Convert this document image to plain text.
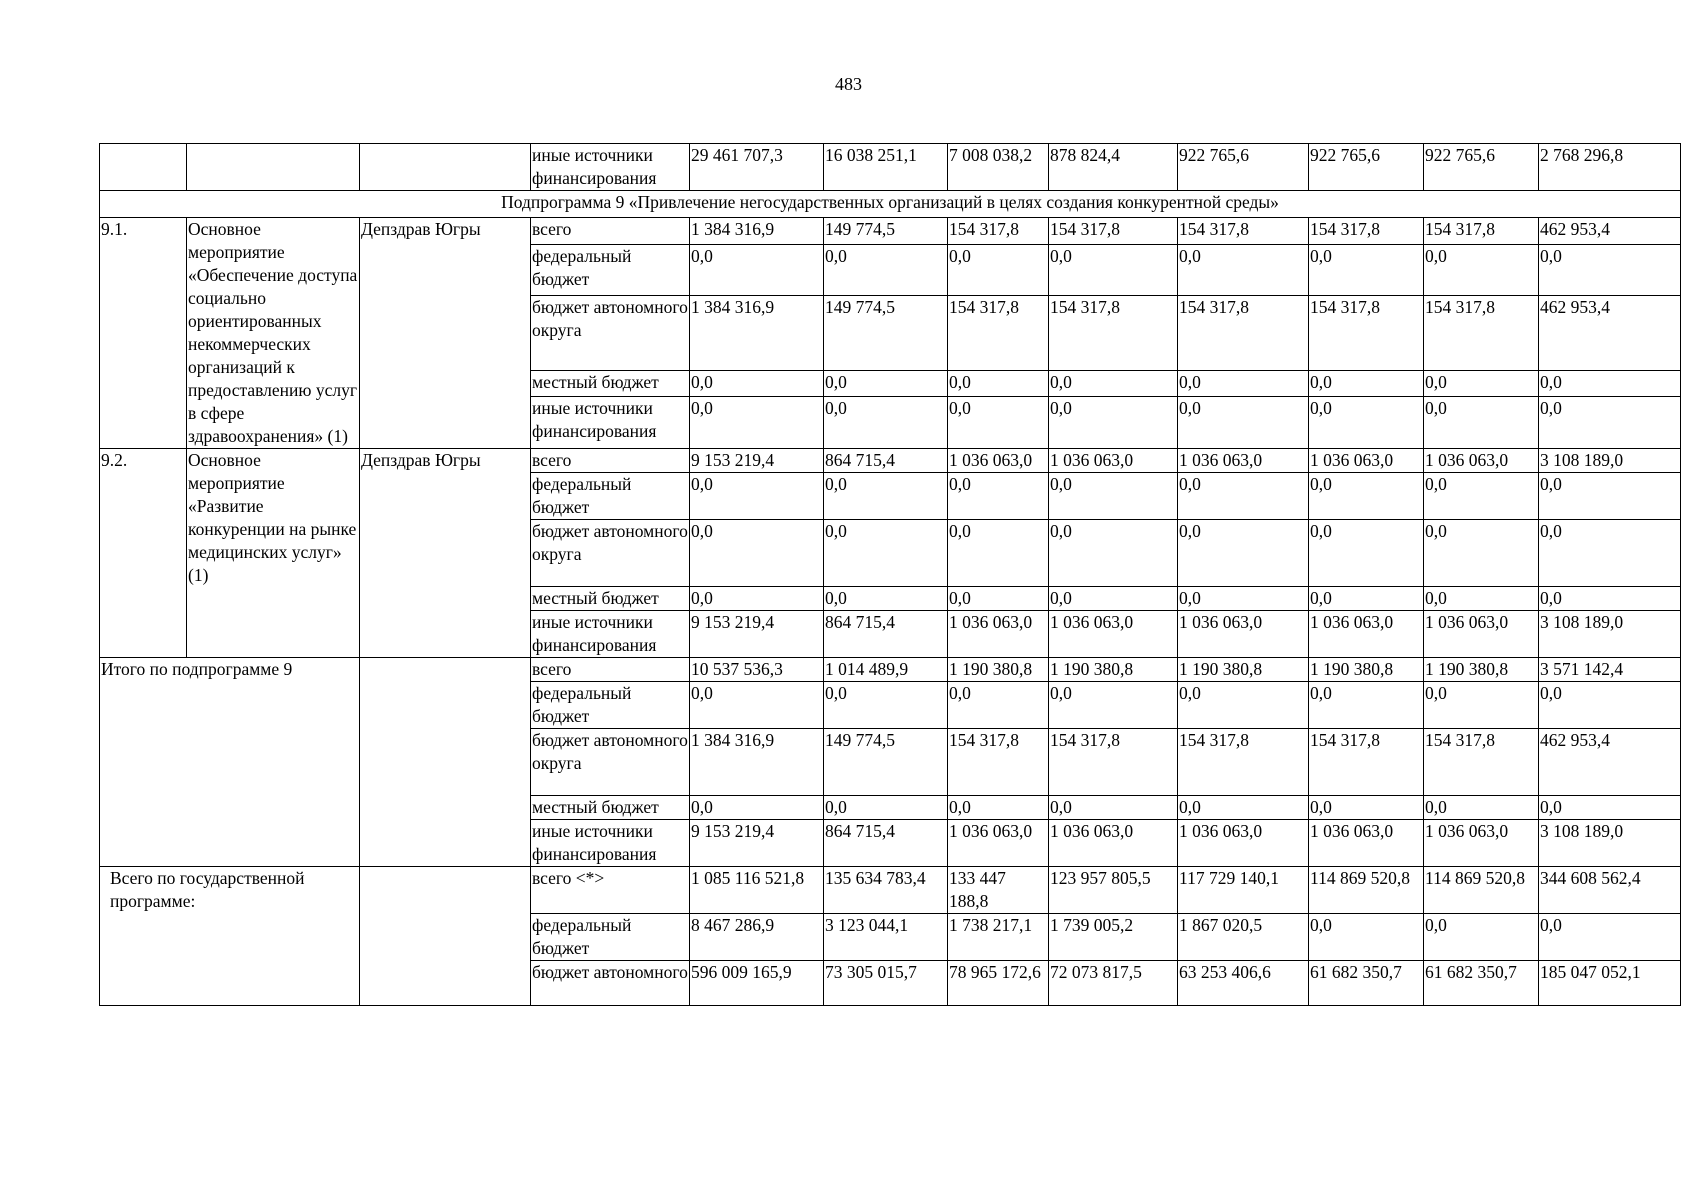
483
			иные источники финансирования	29 461 707,3	16 038 251,1	7 008 038,2	878 824,4	922 765,6	922 765,6	922 765,6	2 768 296,8
Подпрограмма 9 «Привлечение негосударственных организаций в целях создания конкурентной среды»											
9.1.	Основное мероприятие «Обеспечение доступа социально ориентированных некоммерческих организаций к предоставлению услуг в сфере здравоохранения» (1)	Депздрав Югры	всего	1 384 316,9	149 774,5	154 317,8	154 317,8	154 317,8	154 317,8	154 317,8	462 953,4
			федеральный бюджет	0,0	0,0	0,0	0,0	0,0	0,0	0,0	0,0
			бюджет автономного округа	1 384 316,9	149 774,5	154 317,8	154 317,8	154 317,8	154 317,8	154 317,8	462 953,4
			местный бюджет	0,0	0,0	0,0	0,0	0,0	0,0	0,0	0,0
			иные источники финансирования	0,0	0,0	0,0	0,0	0,0	0,0	0,0	0,0
9.2.	Основное мероприятие «Развитие конкуренции на рынке медицинских услуг» (1)	Депздрав Югры	всего	9 153 219,4	864 715,4	1 036 063,0	1 036 063,0	1 036 063,0	1 036 063,0	1 036 063,0	3 108 189,0
			федеральный бюджет	0,0	0,0	0,0	0,0	0,0	0,0	0,0	0,0
			бюджет автономного округа	0,0	0,0	0,0	0,0	0,0	0,0	0,0	0,0
			местный бюджет	0,0	0,0	0,0	0,0	0,0	0,0	0,0	0,0
			иные источники финансирования	9 153 219,4	864 715,4	1 036 063,0	1 036 063,0	1 036 063,0	1 036 063,0	1 036 063,0	3 108 189,0
Итого по подпрограмме 9			всего	10 537 536,3	1 014 489,9	1 190 380,8	1 190 380,8	1 190 380,8	1 190 380,8	1 190 380,8	3 571 142,4
			федеральный бюджет	0,0	0,0	0,0	0,0	0,0	0,0	0,0	0,0
			бюджет автономного округа	1 384 316,9	149 774,5	154 317,8	154 317,8	154 317,8	154 317,8	154 317,8	462 953,4
			местный бюджет	0,0	0,0	0,0	0,0	0,0	0,0	0,0	0,0
			иные источники финансирования	9 153 219,4	864 715,4	1 036 063,0	1 036 063,0	1 036 063,0	1 036 063,0	1 036 063,0	3 108 189,0
Всего по государственной программе:			всего <*>	1 085 116 521,8	135 634 783,4	133 447 188,8	123 957 805,5	117 729 140,1	114 869 520,8	114 869 520,8	344 608 562,4
			федеральный бюджет	8 467 286,9	3 123 044,1	1 738 217,1	1 739 005,2	1 867 020,5	0,0	0,0	0,0
			бюджет автономного	596 009 165,9	73 305 015,7	78 965 172,6	72 073 817,5	63 253 406,6	61 682 350,7	61 682 350,7	185 047 052,1
